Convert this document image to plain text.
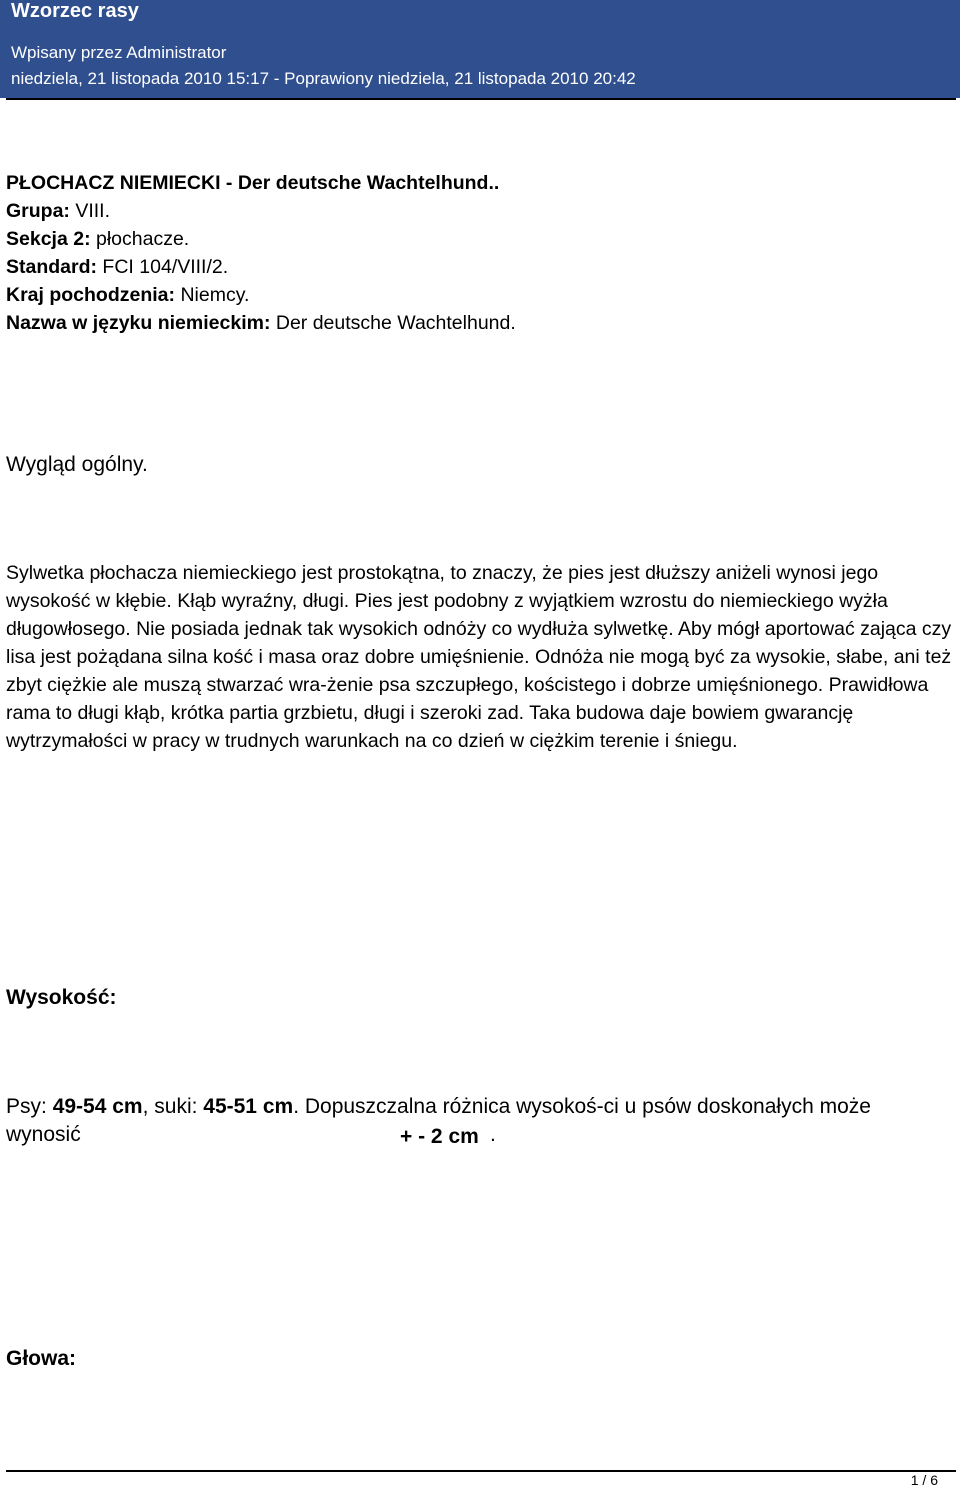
Wzorzec rasy
Wpisany przez Administrator
niedziela, 21 listopada 2010 15:17 - Poprawiony niedziela, 21 listopada 2010 20:42
PŁOCHACZ NIEMIECKI - Der deutsche Wachtelhund..
Grupa: VIII.
Sekcja 2: płochacze.
Standard: FCI 104/VIII/2.
Kraj pochodzenia: Niemcy.
Nazwa w języku niemieckim: Der deutsche Wachtelhund.
Wygląd ogólny.
Sylwetka płochacza niemieckiego jest prostokątna, to znaczy, że pies jest dłuższy aniżeli wynosi jego wysokość w kłębie. Kłąb wyraźny, długi. Pies jest podobny z wyjątkiem wzrostu do niemieckiego wyżła długowłosego. Nie posiada jednak tak wysokich odnóży co wydłuża sylwetkę. Aby mógł aportować zająca czy lisa jest pożądana silna kość i masa oraz dobre umięśnienie. Odnóża nie mogą być za wysokie, słabe, ani też zbyt ciężkie ale muszą stwarzać wra-żenie psa szczupłego, kościstego i dobrze umięśnionego. Prawidłowa rama to długi kłąb, krótka partia grzbietu, długi i szeroki zad. Taka budowa daje bowiem gwarancję wytrzymałości w pracy w trudnych warunkach na co dzień w ciężkim terenie i śniegu.
Wysokość:
Psy: 49-54 cm, suki: 45-51 cm. Dopuszczalna różnica wysokoś-ci u psów doskonałych może
wynosić	+ - 2 cm .
Głowa:
1 / 6
